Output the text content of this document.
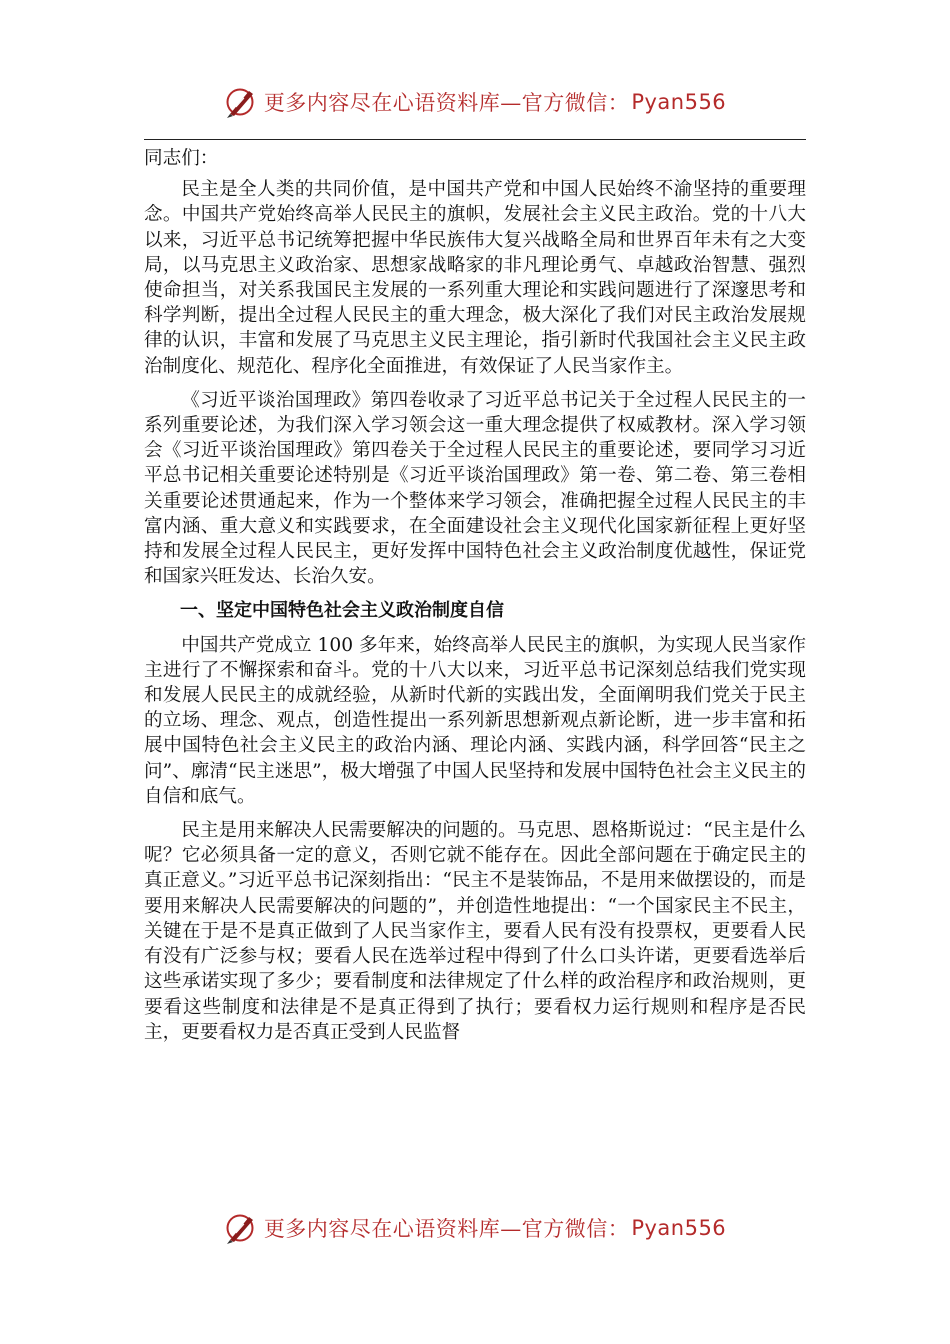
更多内容尽在心语资料库—官方微信： Pyan556

同志们：

民主是全人类的共同价值，是中国共产党和中国人民始终不渝坚持的重要理念。中国共产党始终高举人民民主的旗帜，发展社会主义民主政治。党的十八大以来，习近平总书记统筹把握中华民族伟大复兴战略全局和世界百年未有之大变局，以马克思主义政治家、思想家战略家的非凡理论勇气、卓越政治智慧、强烈使命担当，对关系我国民主发展的一系列重大理论和实践问题进行了深邃思考和科学判断，提出全过程人民民主的重大理念，极大深化了我们对民主政治发展规律的认识，丰富和发展了马克思主义民主理论，指引新时代我国社会主义民主政治制度化、规范化、程序化全面推进，有效保证了人民当家作主。

《习近平谈治国理政》第四卷收录了习近平总书记关于全过程人民民主的一系列重要论述，为我们深入学习领会这一重大理念提供了权威教材。深入学习领会《习近平谈治国理政》第四卷关于全过程人民民主的重要论述，要同学习习近平总书记相关重要论述特别是《习近平谈治国理政》第一卷、第二卷、第三卷相关重要论述贯通起来，作为一个整体来学习领会，准确把握全过程人民民主的丰富内涵、重大意义和实践要求，在全面建设社会主义现代化国家新征程上更好坚持和发展全过程人民民主，更好发挥中国特色社会主义政治制度优越性，保证党和国家兴旺发达、长治久安。

一、坚定中国特色社会主义政治制度自信

中国共产党成立 100 多年来，始终高举人民民主的旗帜，为实现人民当家作主进行了不懈探索和奋斗。党的十八大以来，习近平总书记深刻总结我们党实现和发展人民民主的成就经验，从新时代新的实践出发，全面阐明我们党关于民主的立场、理念、观点，创造性提出一系列新思想新观点新论断，进一步丰富和拓展中国特色社会主义民主的政治内涵、理论内涵、实践内涵，科学回答“民主之问”、廓清“民主迷思”，极大增强了中国人民坚持和发展中国特色社会主义民主的自信和底气。

民主是用来解决人民需要解决的问题的。马克思、恩格斯说过：“民主是什么呢？它必须具备一定的意义，否则它就不能存在。因此全部问题在于确定民主的真正意义。”习近平总书记深刻指出：“民主不是装饰品，不是用来做摆设的，而是要用来解决人民需要解决的问题的”，并创造性地提出：“一个国家民主不民主，关键在于是不是真正做到了人民当家作主，要看人民有没有投票权，更要看人民有没有广泛参与权；要看人民在选举过程中得到了什么口头许诺，更要看选举后这些承诺实现了多少；要看制度和法律规定了什么样的政治程序和政治规则，更要看这些制度和法律是不是真正得到了执行；要看权力运行规则和程序是否民主，更要看权力是否真正受到人民监督

更多内容尽在心语资料库—官方微信： Pyan556
